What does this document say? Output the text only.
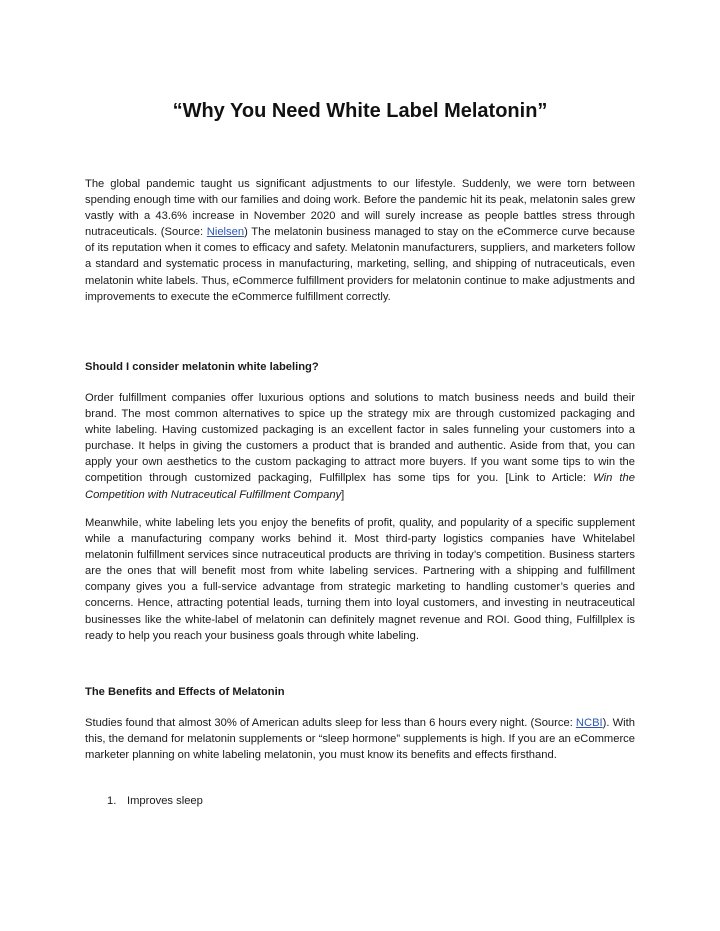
“Why You Need White Label Melatonin”

The global pandemic taught us significant adjustments to our lifestyle. Suddenly, we were torn between spending enough time with our families and doing work. Before the pandemic hit its peak, melatonin sales grew vastly with a 43.6% increase in November 2020 and will surely increase as people battles stress through nutraceuticals. (Source: Nielsen) The melatonin business managed to stay on the eCommerce curve because of its reputation when it comes to efficacy and safety. Melatonin manufacturers, suppliers, and marketers follow a standard and systematic process in manufacturing, marketing, selling, and shipping of nutraceuticals, even melatonin white labels. Thus, eCommerce fulfillment providers for melatonin continue to make adjustments and improvements to execute the eCommerce fulfillment correctly.

Should I consider melatonin white labeling?

Order fulfillment companies offer luxurious options and solutions to match business needs and build their brand. The most common alternatives to spice up the strategy mix are through customized packaging and white labeling. Having customized packaging is an excellent factor in sales funneling your customers into a purchase. It helps in giving the customers a product that is branded and authentic. Aside from that, you can apply your own aesthetics to the custom packaging to attract more buyers. If you want some tips to win the competition through customized packaging, Fulfillplex has some tips for you. [Link to Article: Win the Competition with Nutraceutical Fulfillment Company]

Meanwhile, white labeling lets you enjoy the benefits of profit, quality, and popularity of a specific supplement while a manufacturing company works behind it. Most third-party logistics companies have Whitelabel melatonin fulfillment services since nutraceutical products are thriving in today’s competition. Business starters are the ones that will benefit most from white labeling services. Partnering with a shipping and fulfillment company gives you a full-service advantage from strategic marketing to handling customer’s queries and concerns. Hence, attracting potential leads, turning them into loyal customers, and investing in neutraceutical businesses like the white-label of melatonin can definitely magnet revenue and ROI. Good thing, Fulfillplex is ready to help you reach your business goals through white labeling.

The Benefits and Effects of Melatonin

Studies found that almost 30% of American adults sleep for less than 6 hours every night. (Source: NCBI). With this, the demand for melatonin supplements or “sleep hormone” supplements is high. If you are an eCommerce marketer planning on white labeling melatonin, you must know its benefits and effects firsthand.

1. Improves sleep
